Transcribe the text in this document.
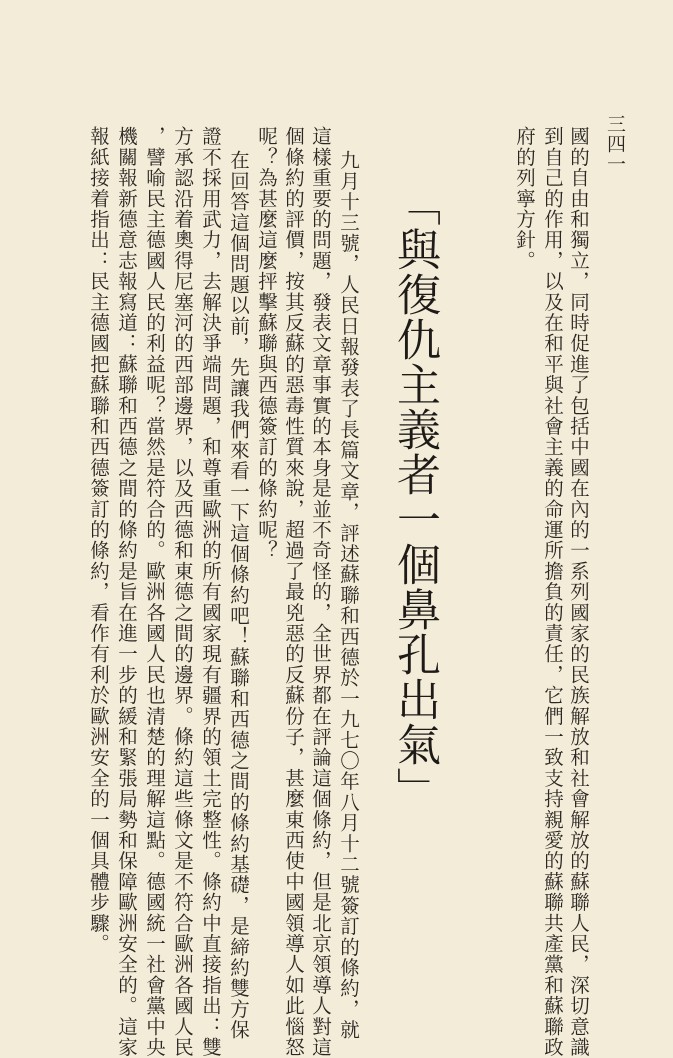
三四一
國的自由和獨立，同時促進了包括中國在內的一系列國家的民族解放和社會解放的蘇聯人民，深切意識
到自己的作用，以及在和平與社會主義的命運所擔負的責任，它們一致支持親愛的蘇聯共產黨和蘇聯政
府的列寧方針。
「與復仇主義者一個鼻孔出氣」
九月十三號，人民日報發表了長篇文章，評述蘇聯和西德於一九七〇年八月十二號簽訂的條約，就
這樣重要的問題，發表文章事實的本身是並不奇怪的，全世界都在評論這個條約，但是北京領導人對這
個條約的評價，按其反蘇的惡毒性質來說，超過了最兇惡的反蘇份子，甚麼東西使中國領導人如此惱怒
呢？為甚麼這麼抨擊蘇聯與西德簽訂的條約呢？
在回答這個問題以前，先讓我們來看一下這個條約吧！蘇聯和西德之間的條約基礎，是締約雙方保
證不採用武力，去解決爭端問題，和尊重歐洲的所有國家現有疆界的領土完整性。條約中直接指出：雙
方承認沿着奧得尼塞河的西部邊界，以及西德和東德之間的邊界。條約這些條文是不符合歐洲各國人民
，譬喻民主德國人民的利益呢？當然是符合的。歐洲各國人民也清楚的理解這點。德國統一社會黨中央
機關報新德意志報寫道：蘇聯和西德之間的條約是旨在進一步的緩和緊張局勢和保障歐洲安全的。這家
報紙接着指出：民主德國把蘇聯和西德簽訂的條約，看作有利於歐洲安全的一個具體步驟。
